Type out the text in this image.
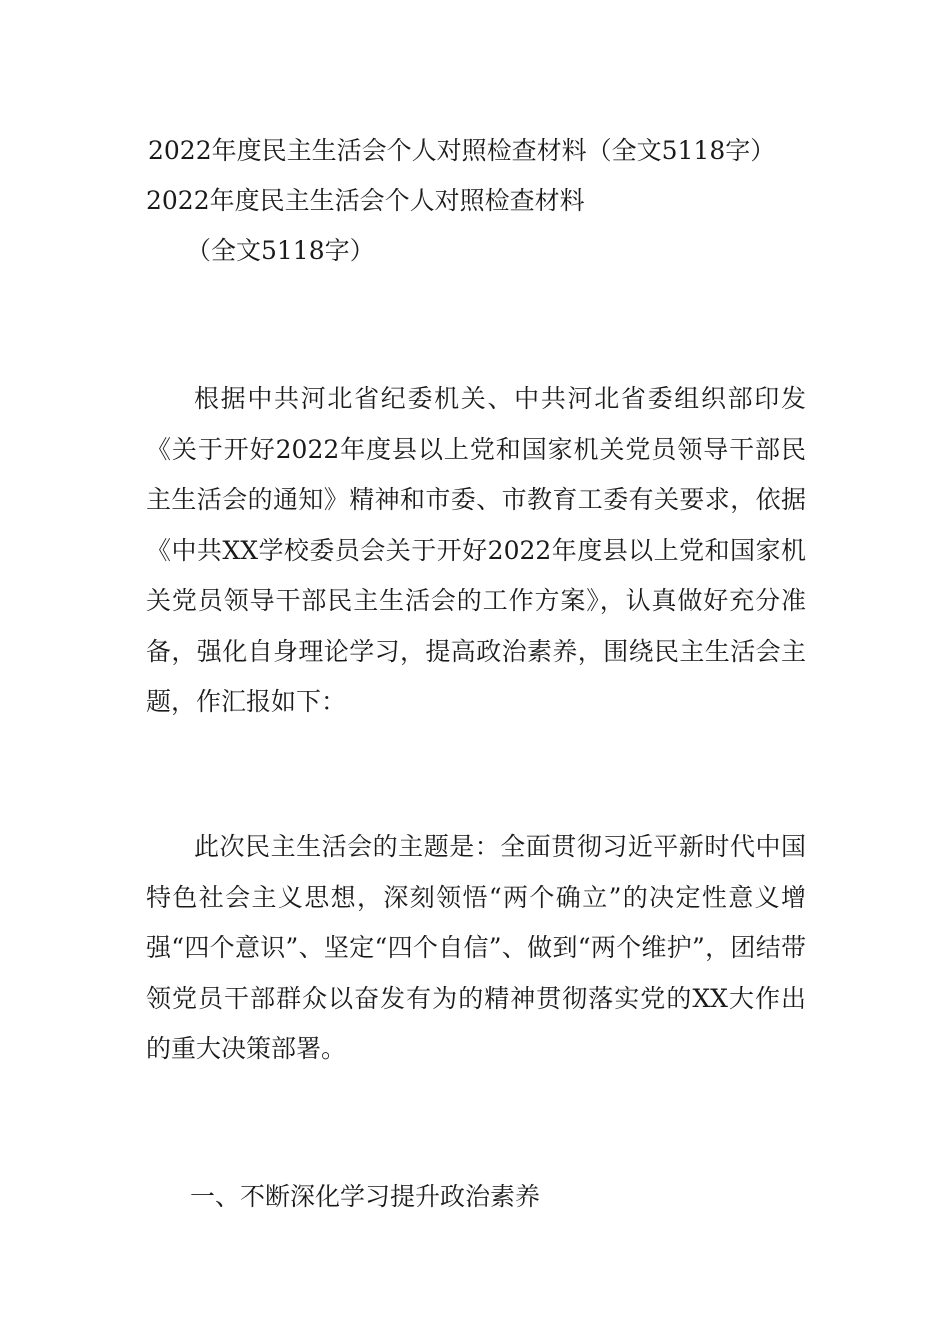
2022年度民主生活会个人对照检查材料（全文5118字）
2022年度民主生活会个人对照检查材料
（全文5118字）
根据中共河北省纪委机关、中共河北省委组织部印发《关于开好2022年度县以上党和国家机关党员领导干部民主生活会的通知》精神和市委、市教育工委有关要求，依据《中共XX学校委员会关于开好2022年度县以上党和国家机关党员领导干部民主生活会的工作方案》，认真做好充分准备，强化自身理论学习，提高政治素养，围绕民主生活会主题，作汇报如下：
此次民主生活会的主题是：全面贯彻习近平新时代中国特色社会主义思想，深刻领悟“两个确立”的决定性意义增强“四个意识”、坚定“四个自信”、做到“两个维护”，团结带领党员干部群众以奋发有为的精神贯彻落实党的XX大作出的重大决策部署。
一、不断深化学习提升政治素养
